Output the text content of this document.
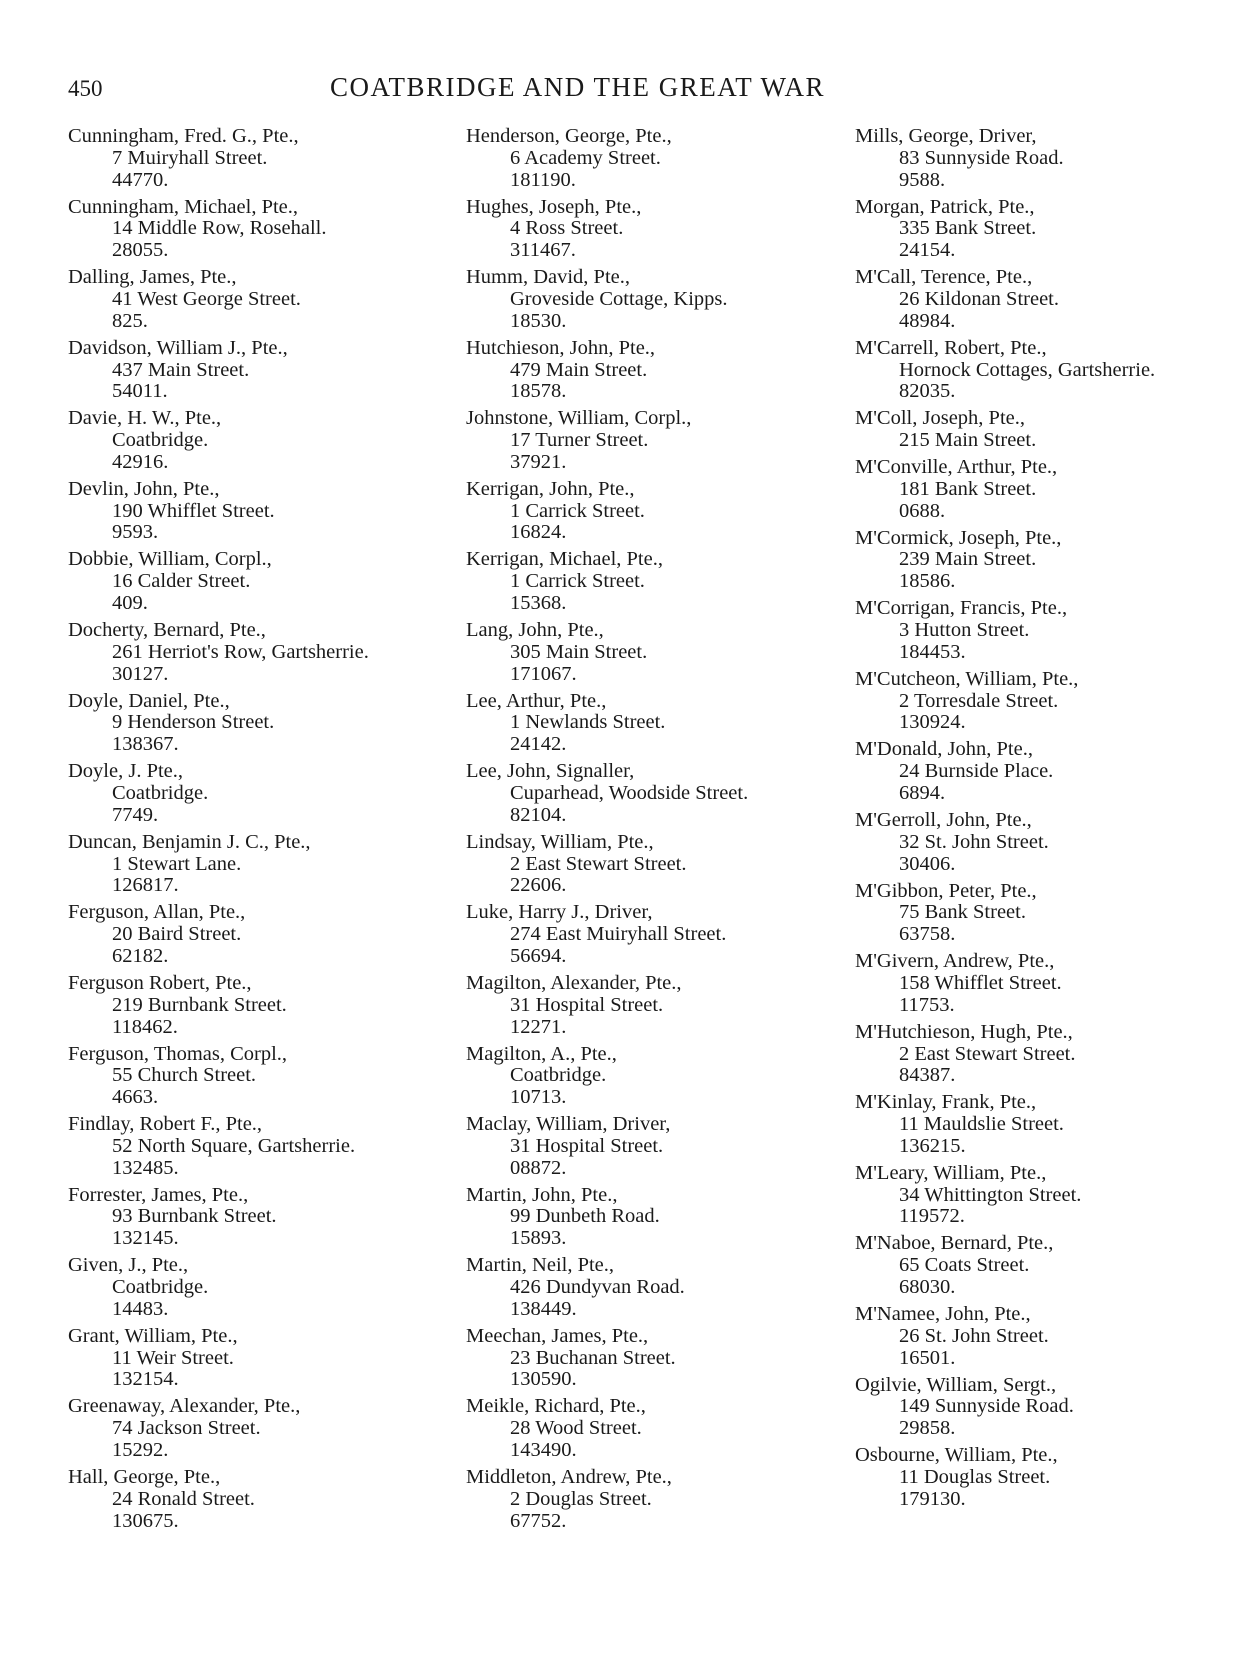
450	COATBRIDGE AND THE GREAT WAR
Cunningham, Fred. G., Pte.,
7 Muiryhall Street.
44770.
Cunningham, Michael, Pte.,
14 Middle Row, Rosehall.
28055.
Dalling, James, Pte.,
41 West George Street.
825.
Davidson, William J., Pte.,
437 Main Street.
54011.
Davie, H. W., Pte.,
Coatbridge.
42916.
Devlin, John, Pte.,
190 Whifflet Street.
9593.
Dobbie, William, Corpl.,
16 Calder Street.
409.
Docherty, Bernard, Pte.,
261 Herriot's Row, Gartsherrie.
30127.
Doyle, Daniel, Pte.,
9 Henderson Street.
138367.
Doyle, J. Pte.,
Coatbridge.
7749.
Duncan, Benjamin J. C., Pte.,
1 Stewart Lane.
126817.
Ferguson, Allan, Pte.,
20 Baird Street.
62182.
Ferguson Robert, Pte.,
219 Burnbank Street.
118462.
Ferguson, Thomas, Corpl.,
55 Church Street.
4663.
Findlay, Robert F., Pte.,
52 North Square, Gartsherrie.
132485.
Forrester, James, Pte.,
93 Burnbank Street.
132145.
Given, J., Pte.,
Coatbridge.
14483.
Grant, William, Pte.,
11 Weir Street.
132154.
Greenaway, Alexander, Pte.,
74 Jackson Street.
15292.
Hall, George, Pte.,
24 Ronald Street.
130675.
Henderson, George, Pte.,
6 Academy Street.
181190.
Hughes, Joseph, Pte.,
4 Ross Street.
311467.
Humm, David, Pte.,
Groveside Cottage, Kipps.
18530.
Hutchieson, John, Pte.,
479 Main Street.
18578.
Johnstone, William, Corpl.,
17 Turner Street.
37921.
Kerrigan, John, Pte.,
1 Carrick Street.
16824.
Kerrigan, Michael, Pte.,
1 Carrick Street.
15368.
Lang, John, Pte.,
305 Main Street.
171067.
Lee, Arthur, Pte.,
1 Newlands Street.
24142.
Lee, John, Signaller,
Cuparhead, Woodside Street.
82104.
Lindsay, William, Pte.,
2 East Stewart Street.
22606.
Luke, Harry J., Driver,
274 East Muiryhall Street.
56694.
Magilton, Alexander, Pte.,
31 Hospital Street.
12271.
Magilton, A., Pte.,
Coatbridge.
10713.
Maclay, William, Driver,
31 Hospital Street.
08872.
Martin, John, Pte.,
99 Dunbeth Road.
15893.
Martin, Neil, Pte.,
426 Dundyvan Road.
138449.
Meechan, James, Pte.,
23 Buchanan Street.
130590.
Meikle, Richard, Pte.,
28 Wood Street.
143490.
Middleton, Andrew, Pte.,
2 Douglas Street.
67752.
Mills, George, Driver,
83 Sunnyside Road.
9588.
Morgan, Patrick, Pte.,
335 Bank Street.
24154.
M'Call, Terence, Pte.,
26 Kildonan Street.
48984.
M'Carrell, Robert, Pte.,
Hornock Cottages, Gartsherrie.
82035.
M'Coll, Joseph, Pte.,
215 Main Street.
M'Conville, Arthur, Pte.,
181 Bank Street.
0688.
M'Cormick, Joseph, Pte.,
239 Main Street.
18586.
M'Corrigan, Francis, Pte.,
3 Hutton Street.
184453.
M'Cutcheon, William, Pte.,
2 Torresdale Street.
130924.
M'Donald, John, Pte.,
24 Burnside Place.
6894.
M'Gerroll, John, Pte.,
32 St. John Street.
30406.
M'Gibbon, Peter, Pte.,
75 Bank Street.
63758.
M'Givern, Andrew, Pte.,
158 Whifflet Street.
11753.
M'Hutchieson, Hugh, Pte.,
2 East Stewart Street.
84387.
M'Kinlay, Frank, Pte.,
11 Mauldslie Street.
136215.
M'Leary, William, Pte.,
34 Whittington Street.
119572.
M'Naboe, Bernard, Pte.,
65 Coats Street.
68030.
M'Namee, John, Pte.,
26 St. John Street.
16501.
Ogilvie, William, Sergt.,
149 Sunnyside Road.
29858.
Osbourne, William, Pte.,
11 Douglas Street.
179130.
